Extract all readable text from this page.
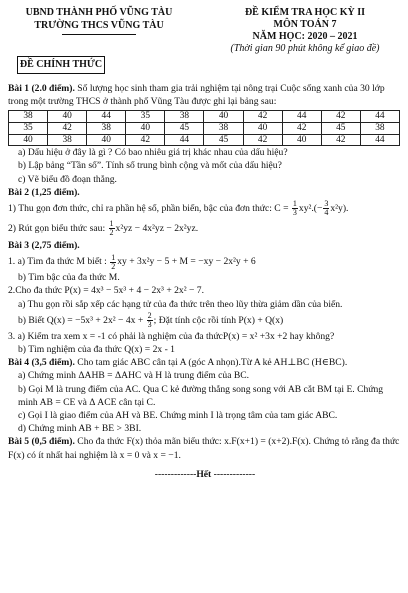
UBND THÀNH PHỐ VŨNG TÀU
TRƯỜNG THCS VŨNG TÀU
ĐỀ CHÍNH THỨC
ĐỀ KIỂM TRA HỌC KỲ II
MÔN TOÁN 7
NĂM HỌC: 2020 – 2021
(Thời gian 90 phút không kể giao đề)
Bài 1 (2.0 điểm). Số lượng học sinh tham gia trải nghiệm tại nông trại Cuộc sống xanh của 30 lớp trong một trường THCS ở thành phố Vũng Tàu được ghi lại bảng sau:
38	40	44	35	38	40	42	44	42	44
35	42	38	40	45	38	40	42	45	38
40	38	40	42	44	45	42	40	42	44
a) Dấu hiệu ở đây là gì ? Có bao nhiêu giá trị khác nhau của dấu hiệu?
b) Lập bảng “Tần số”. Tính số trung bình cộng và mốt của dấu hiệu?
c) Vẽ biểu đồ đoạn thẳng.
Bài 2 (1,25 điểm).
1) Thu gọn đơn thức, chỉ ra phần hệ số, phần biến, bậc của đơn thức: $C = \frac{1}{3} xy^2.(- \frac{3}{4} x^2y)$.
2) Rút gọn biểu thức sau: $\frac{1}{2} x^2yz - 4x^2yz - 2x^2yz$.
Bài 3 (2,75 điểm).
1. a) Tìm đa thức M biết : $\frac{1}{2}$ xy + 3x²y − 5 + M = −xy − 2x²y + 6
b) Tìm bậc của đa thức M.
2.Cho đa thức P(x) = 4x³ − 5x³ + 4 − 2x³ + 2x² − 7.
a) Thu gọn rồi sắp xếp các hạng tử của đa thức trên theo lũy thừa giảm dần của biến.
b) Biết $Q(x) = -5x^3 + 2x^2 - 4x + \frac{2}{3}$ ; Đặt tính cộc rồi tính P(x) + Q(x)
3. a) Kiểm tra xem x = -1 có phải là nghiệm của đa thứcP(x) = x² +3x +2 hay không?
b) Tìm nghiệm của đa thức Q(x) = 2x - 1
Bài 4 (3,5 điểm). Cho tam giác ABC cân tại A (góc A nhọn).Từ A kẻ AH⊥BC (H∈BC).
a) Chứng minh ΔAHB = ΔAHC và H là trung điểm của BC.
b) Gọi M là trung điểm của AC. Qua C kẻ đường thẳng song song với AB cắt BM tại E. Chứng minh AB = CE và Δ ACE cân tại C.
c) Gọi I là giao điểm của AH và BE. Chứng minh I là trọng tâm của tam giác ABC.
d) Chứng minh AB + BE > 3BI.
Bài 5 (0,5 điểm). Cho đa thức F(x) thỏa mãn biểu thức: x.F(x+1) = (x+2).F(x). Chứng tỏ rằng đa thức F(x) có ít nhất hai nghiệm là x = 0 và x = −1.
-------------Hết -------------
